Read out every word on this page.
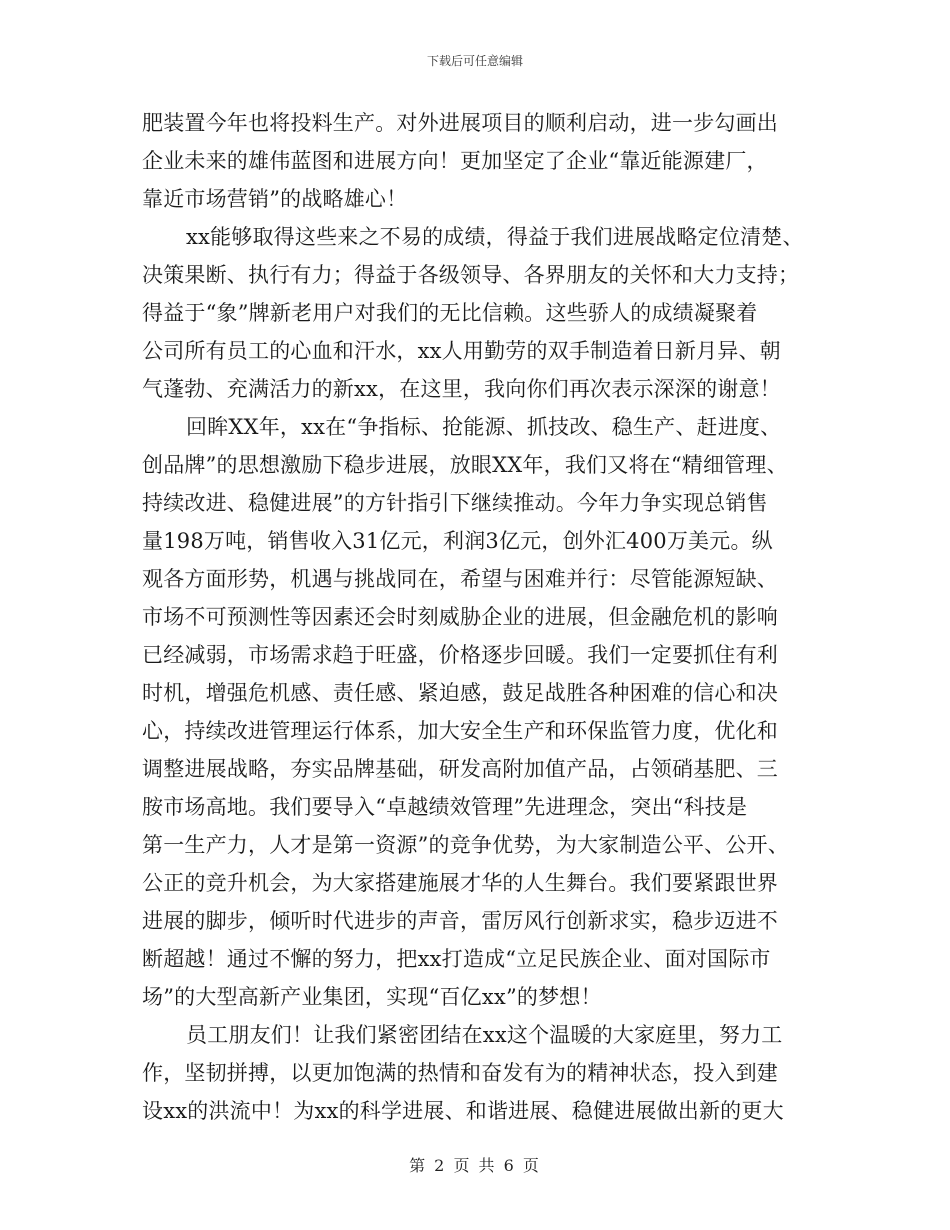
下载后可任意编辑
肥装置今年也将投料生产。对外进展项目的顺利启动，进一步勾画出
企业未来的雄伟蓝图和进展方向！更加坚定了企业“靠近能源建厂，
靠近市场营销”的战略雄心！
xx能够取得这些来之不易的成绩，得益于我们进展战略定位清楚、
决策果断、执行有力；得益于各级领导、各界朋友的关怀和大力支持；
得益于“象”牌新老用户对我们的无比信赖。这些骄人的成绩凝聚着
公司所有员工的心血和汗水，xx人用勤劳的双手制造着日新月异、朝
气蓬勃、充满活力的新xx，在这里，我向你们再次表示深深的谢意！
回眸XX年，xx在“争指标、抢能源、抓技改、稳生产、赶进度、
创品牌”的思想激励下稳步进展，放眼XX年，我们又将在“精细管理、
持续改进、稳健进展”的方针指引下继续推动。今年力争实现总销售
量198万吨，销售收入31亿元，利润3亿元，创外汇400万美元。纵
观各方面形势，机遇与挑战同在，希望与困难并行：尽管能源短缺、
市场不可预测性等因素还会时刻威胁企业的进展，但金融危机的影响
已经减弱，市场需求趋于旺盛，价格逐步回暖。我们一定要抓住有利
时机，增强危机感、责任感、紧迫感，鼓足战胜各种困难的信心和决
心，持续改进管理运行体系，加大安全生产和环保监管力度，优化和
调整进展战略，夯实品牌基础，研发高附加值产品，占领硝基肥、三
胺市场高地。我们要导入“卓越绩效管理”先进理念，突出“科技是
第一生产力，人才是第一资源”的竞争优势，为大家制造公平、公开、
公正的竞升机会，为大家搭建施展才华的人生舞台。我们要紧跟世界
进展的脚步，倾听时代进步的声音，雷厉风行创新求实，稳步迈进不
断超越！通过不懈的努力，把xx打造成“立足民族企业、面对国际市
场”的大型高新产业集团，实现“百亿xx”的梦想！
员工朋友们！让我们紧密团结在xx这个温暖的大家庭里，努力工
作，坚韧拼搏，以更加饱满的热情和奋发有为的精神状态，投入到建
设xx的洪流中！为xx的科学进展、和谐进展、稳健进展做出新的更大
第 2 页 共 6 页
